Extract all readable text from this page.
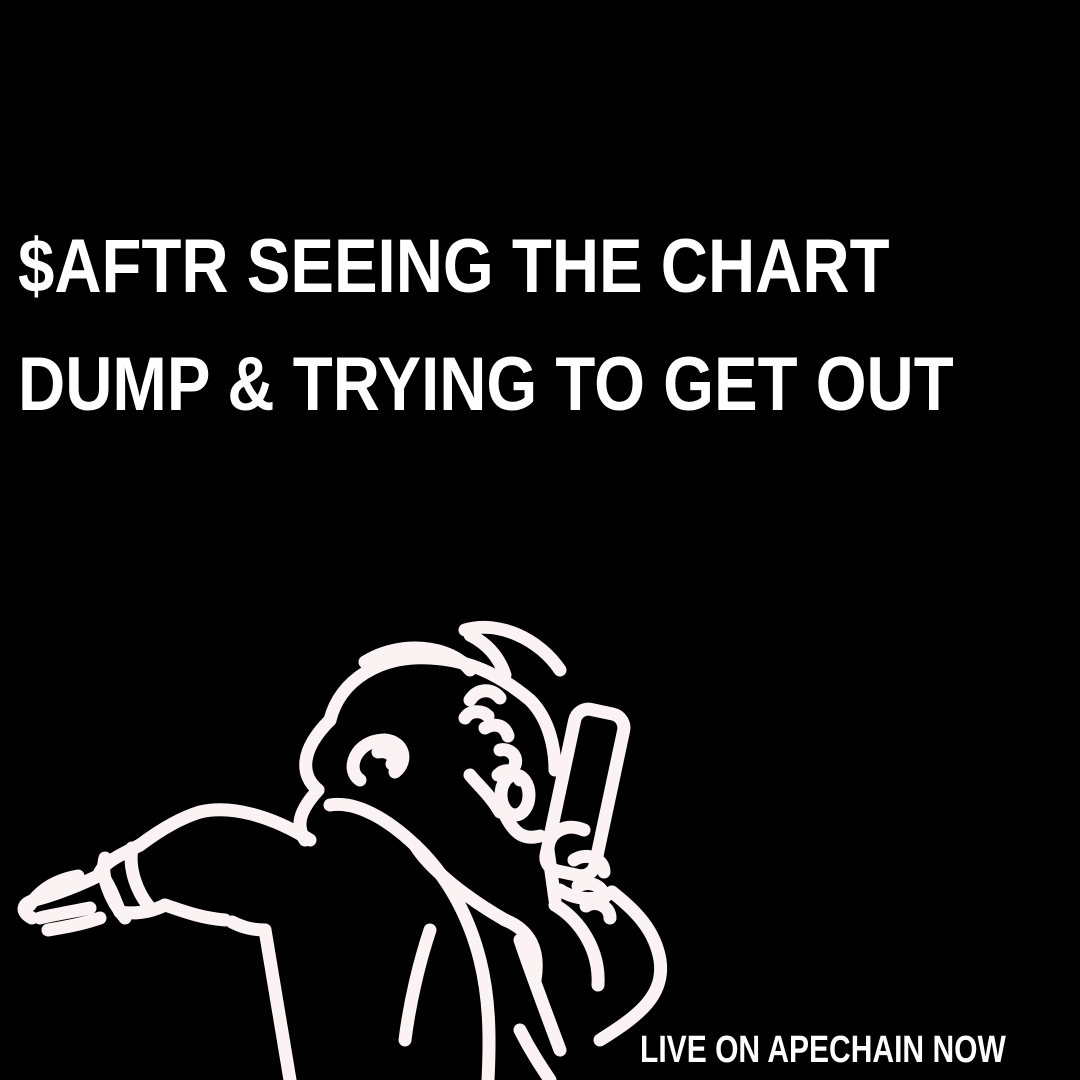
$AFTR SEEING THE CHART
DUMP & TRYING TO GET OUT

LIVE ON APECHAIN NOW
